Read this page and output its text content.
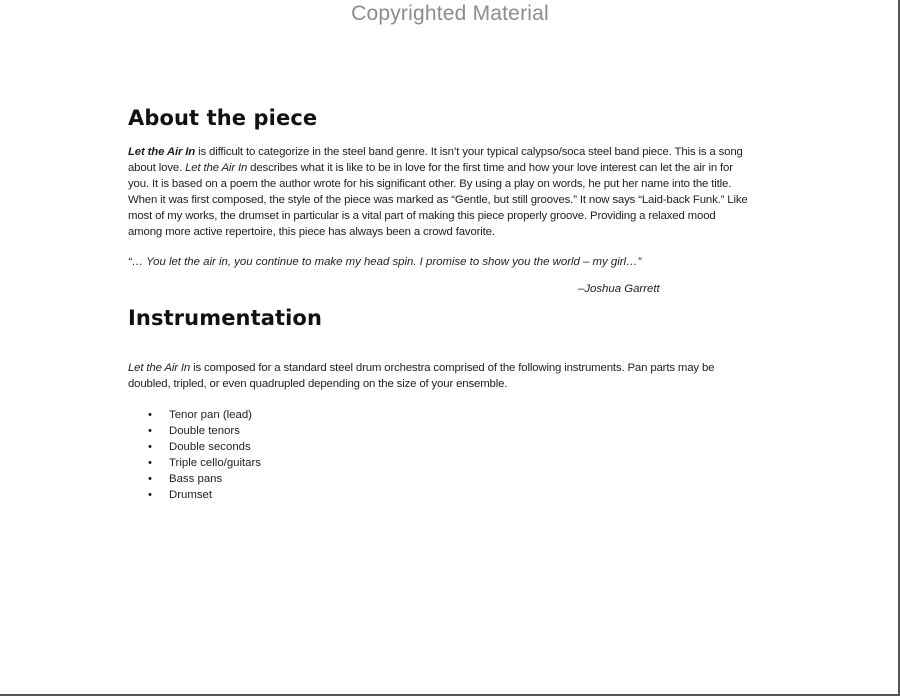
Copyrighted Material
About the piece

Let the Air In is difficult to categorize in the steel band genre. It isn’t your typical calypso/soca steel band piece. This is a song about love. Let the Air In describes what it is like to be in love for the first time and how your love interest can let the air in for you. It is based on a poem the author wrote for his significant other. By using a play on words, he put her name into the title. When it was first composed, the style of the piece was marked as “Gentle, but still grooves.” It now says “Laid-back Funk.” Like most of my works, the drumset in particular is a vital part of making this piece properly groove. Providing a relaxed mood among more active repertoire, this piece has always been a crowd favorite.

“… You let the air in, you continue to make my head spin. I promise to show you the world – my girl…”

–Joshua Garrett

Instrumentation

Let the Air In is composed for a standard steel drum orchestra comprised of the following instruments. Pan parts may be doubled, tripled, or even quadrupled depending on the size of your ensemble.

• Tenor pan (lead)
• Double tenors
• Double seconds
• Triple cello/guitars
• Bass pans
• Drumset
